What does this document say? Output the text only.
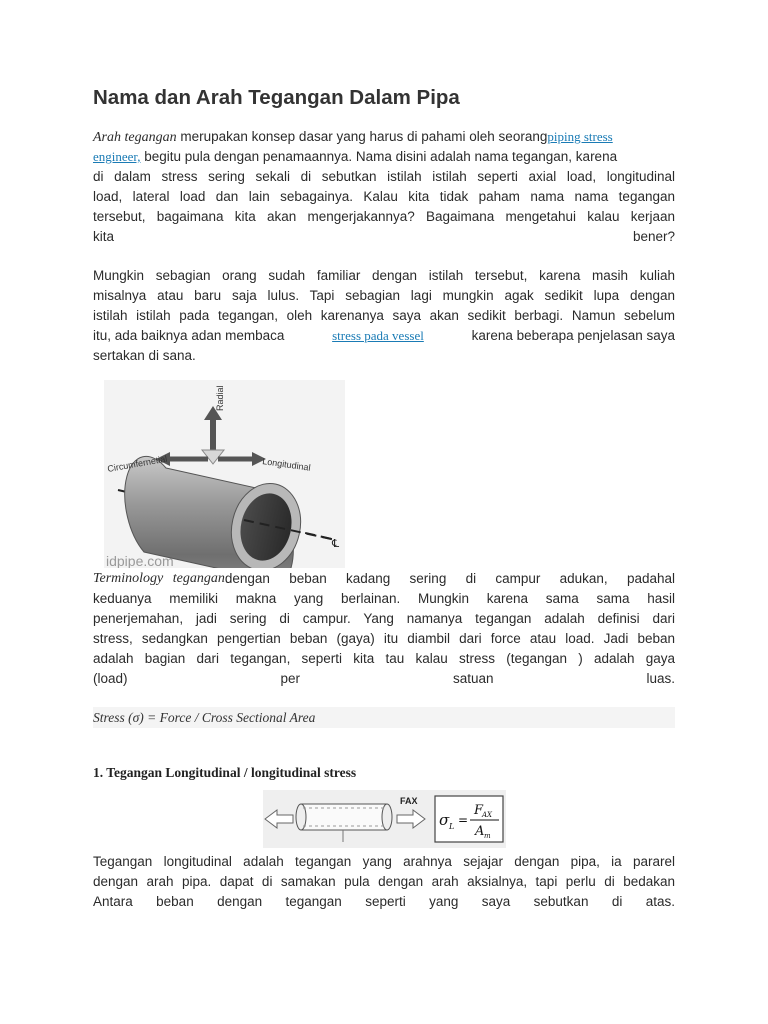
Nama dan Arah Tegangan Dalam Pipa
Arah tegangan merupakan konsep dasar yang harus di pahami oleh seorangpiping stress
engineer, begitu pula dengan penamaannya. Nama disini adalah nama tegangan, karena
di dalam stress sering sekali di sebutkan istilah istilah seperti axial load, longitudinal
load, lateral load dan lain sebagainya. Kalau kita tidak paham nama nama tegangan
tersebut, bagaimana kita akan mengerjakannya? Bagaimana mengetahui kalau kerjaan
kita bener?
Mungkin sebagian orang sudah familiar dengan istilah tersebut, karena masih kuliah
misalnya atau baru saja lulus. Tapi sebagian lagi mungkin agak sedikit lupa dengan
istilah istilah pada tegangan, oleh karenanya saya akan sedikit berbagi. Namun sebelum
itu, ada baiknya adan membaca	stress pada vessel	karena beberapa penjelasan saya
sertakan di sana.
Terminology tegangan dengan beban kadang sering di campur adukan, padahal
keduanya memiliki makna yang berlainan. Mungkin karena sama sama hasil
penerjemahan, jadi sering di campur. Yang namanya tegangan adalah definisi dari
stress, sedangkan pengertian beban (gaya) itu diambil dari force atau load. Jadi beban
adalah bagian dari tegangan, seperti kita tau kalau stress (tegangan ) adalah gaya
(load) per satuan luas.
Stress (σ) = Force / Cross Sectional Area
1. Tegangan Longitudinal / longitudinal stress
Tegangan longitudinal adalah tegangan yang arahnya sejajar dengan pipa, ia pararel
dengan arah pipa. dapat di samakan pula dengan arah aksialnya, tapi perlu di bedakan
Antara beban dengan tegangan seperti yang saya sebutkan di atas.
Radial
Circumfernetial	Longitudinal
℄
idpipe.com
FAX
σ L =
F
AX
A m
